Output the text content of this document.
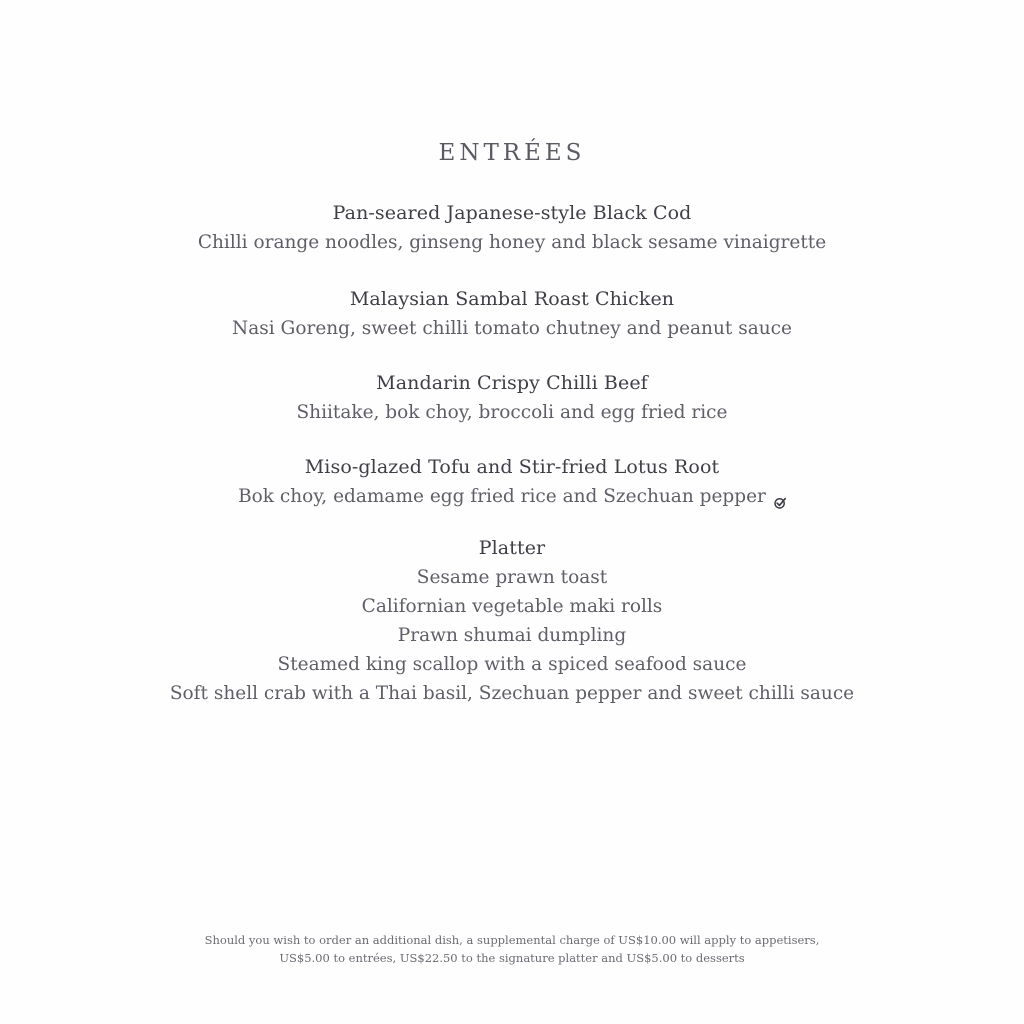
ENTRÉES
Pan-seared Japanese-style Black Cod
Chilli orange noodles, ginseng honey and black sesame vinaigrette
Malaysian Sambal Roast Chicken
Nasi Goreng, sweet chilli tomato chutney and peanut sauce
Mandarin Crispy Chilli Beef
Shiitake, bok choy, broccoli and egg fried rice
Miso-glazed Tofu and Stir-fried Lotus Root
Bok choy, edamame egg fried rice and Szechuan pepper
Platter
Sesame prawn toast
Californian vegetable maki rolls
Prawn shumai dumpling
Steamed king scallop with a spiced seafood sauce
Soft shell crab with a Thai basil, Szechuan pepper and sweet chilli sauce
Should you wish to order an additional dish, a supplemental charge of US$10.00 will apply to appetisers,
US$5.00 to entrées, US$22.50 to the signature platter and US$5.00 to desserts
